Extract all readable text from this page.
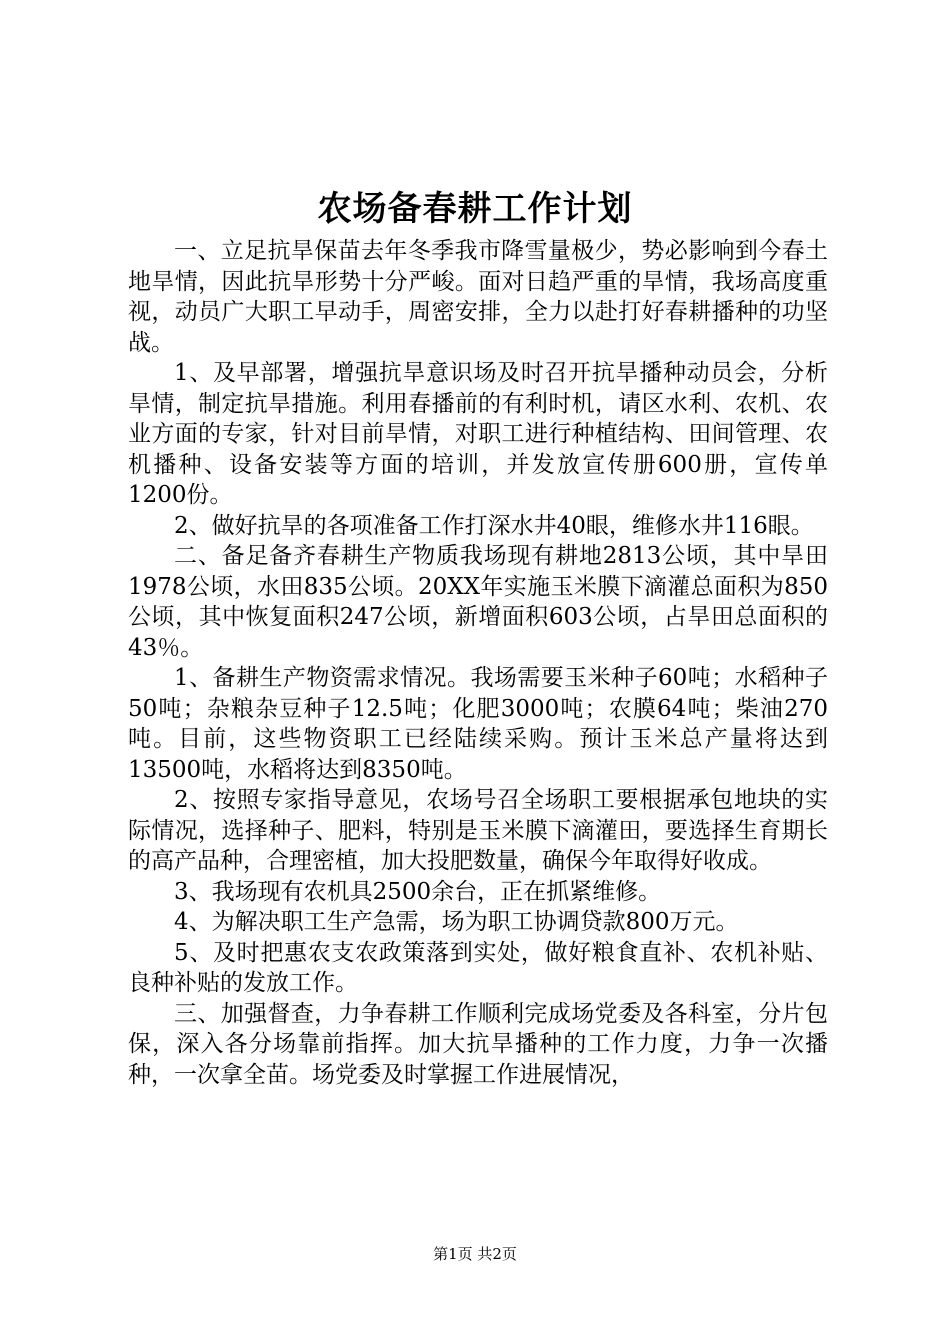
农场备春耕工作计划

一、立足抗旱保苗去年冬季我市降雪量极少，势必影响到今春土地旱情，因此抗旱形势十分严峻。面对日趋严重的旱情，我场高度重视，动员广大职工早动手，周密安排，全力以赴打好春耕播种的功坚战。

1、及早部署，增强抗旱意识场及时召开抗旱播种动员会，分析旱情，制定抗旱措施。利用春播前的有利时机，请区水利、农机、农业方面的专家，针对目前旱情，对职工进行种植结构、田间管理、农机播种、设备安装等方面的培训，并发放宣传册600册，宣传单1200份。

2、做好抗旱的各项准备工作打深水井40眼，维修水井116眼。

二、备足备齐春耕生产物质我场现有耕地2813公顷，其中旱田1978公顷，水田835公顷。20XX年实施玉米膜下滴灌总面积为850公顷，其中恢复面积247公顷，新增面积603公顷，占旱田总面积的43％。

1、备耕生产物资需求情况。我场需要玉米种子60吨；水稻种子50吨；杂粮杂豆种子12.5吨；化肥3000吨；农膜64吨；柴油270吨。目前，这些物资职工已经陆续采购。预计玉米总产量将达到13500吨，水稻将达到8350吨。

2、按照专家指导意见，农场号召全场职工要根据承包地块的实际情况，选择种子、肥料，特别是玉米膜下滴灌田，要选择生育期长的高产品种，合理密植，加大投肥数量，确保今年取得好收成。

3、我场现有农机具2500余台，正在抓紧维修。

4、为解决职工生产急需，场为职工协调贷款800万元。

5、及时把惠农支农政策落到实处，做好粮食直补、农机补贴、良种补贴的发放工作。

三、加强督查，力争春耕工作顺利完成场党委及各科室，分片包保，深入各分场靠前指挥。加大抗旱播种的工作力度，力争一次播种，一次拿全苗。场党委及时掌握工作进展情况，

第1页 共2页
